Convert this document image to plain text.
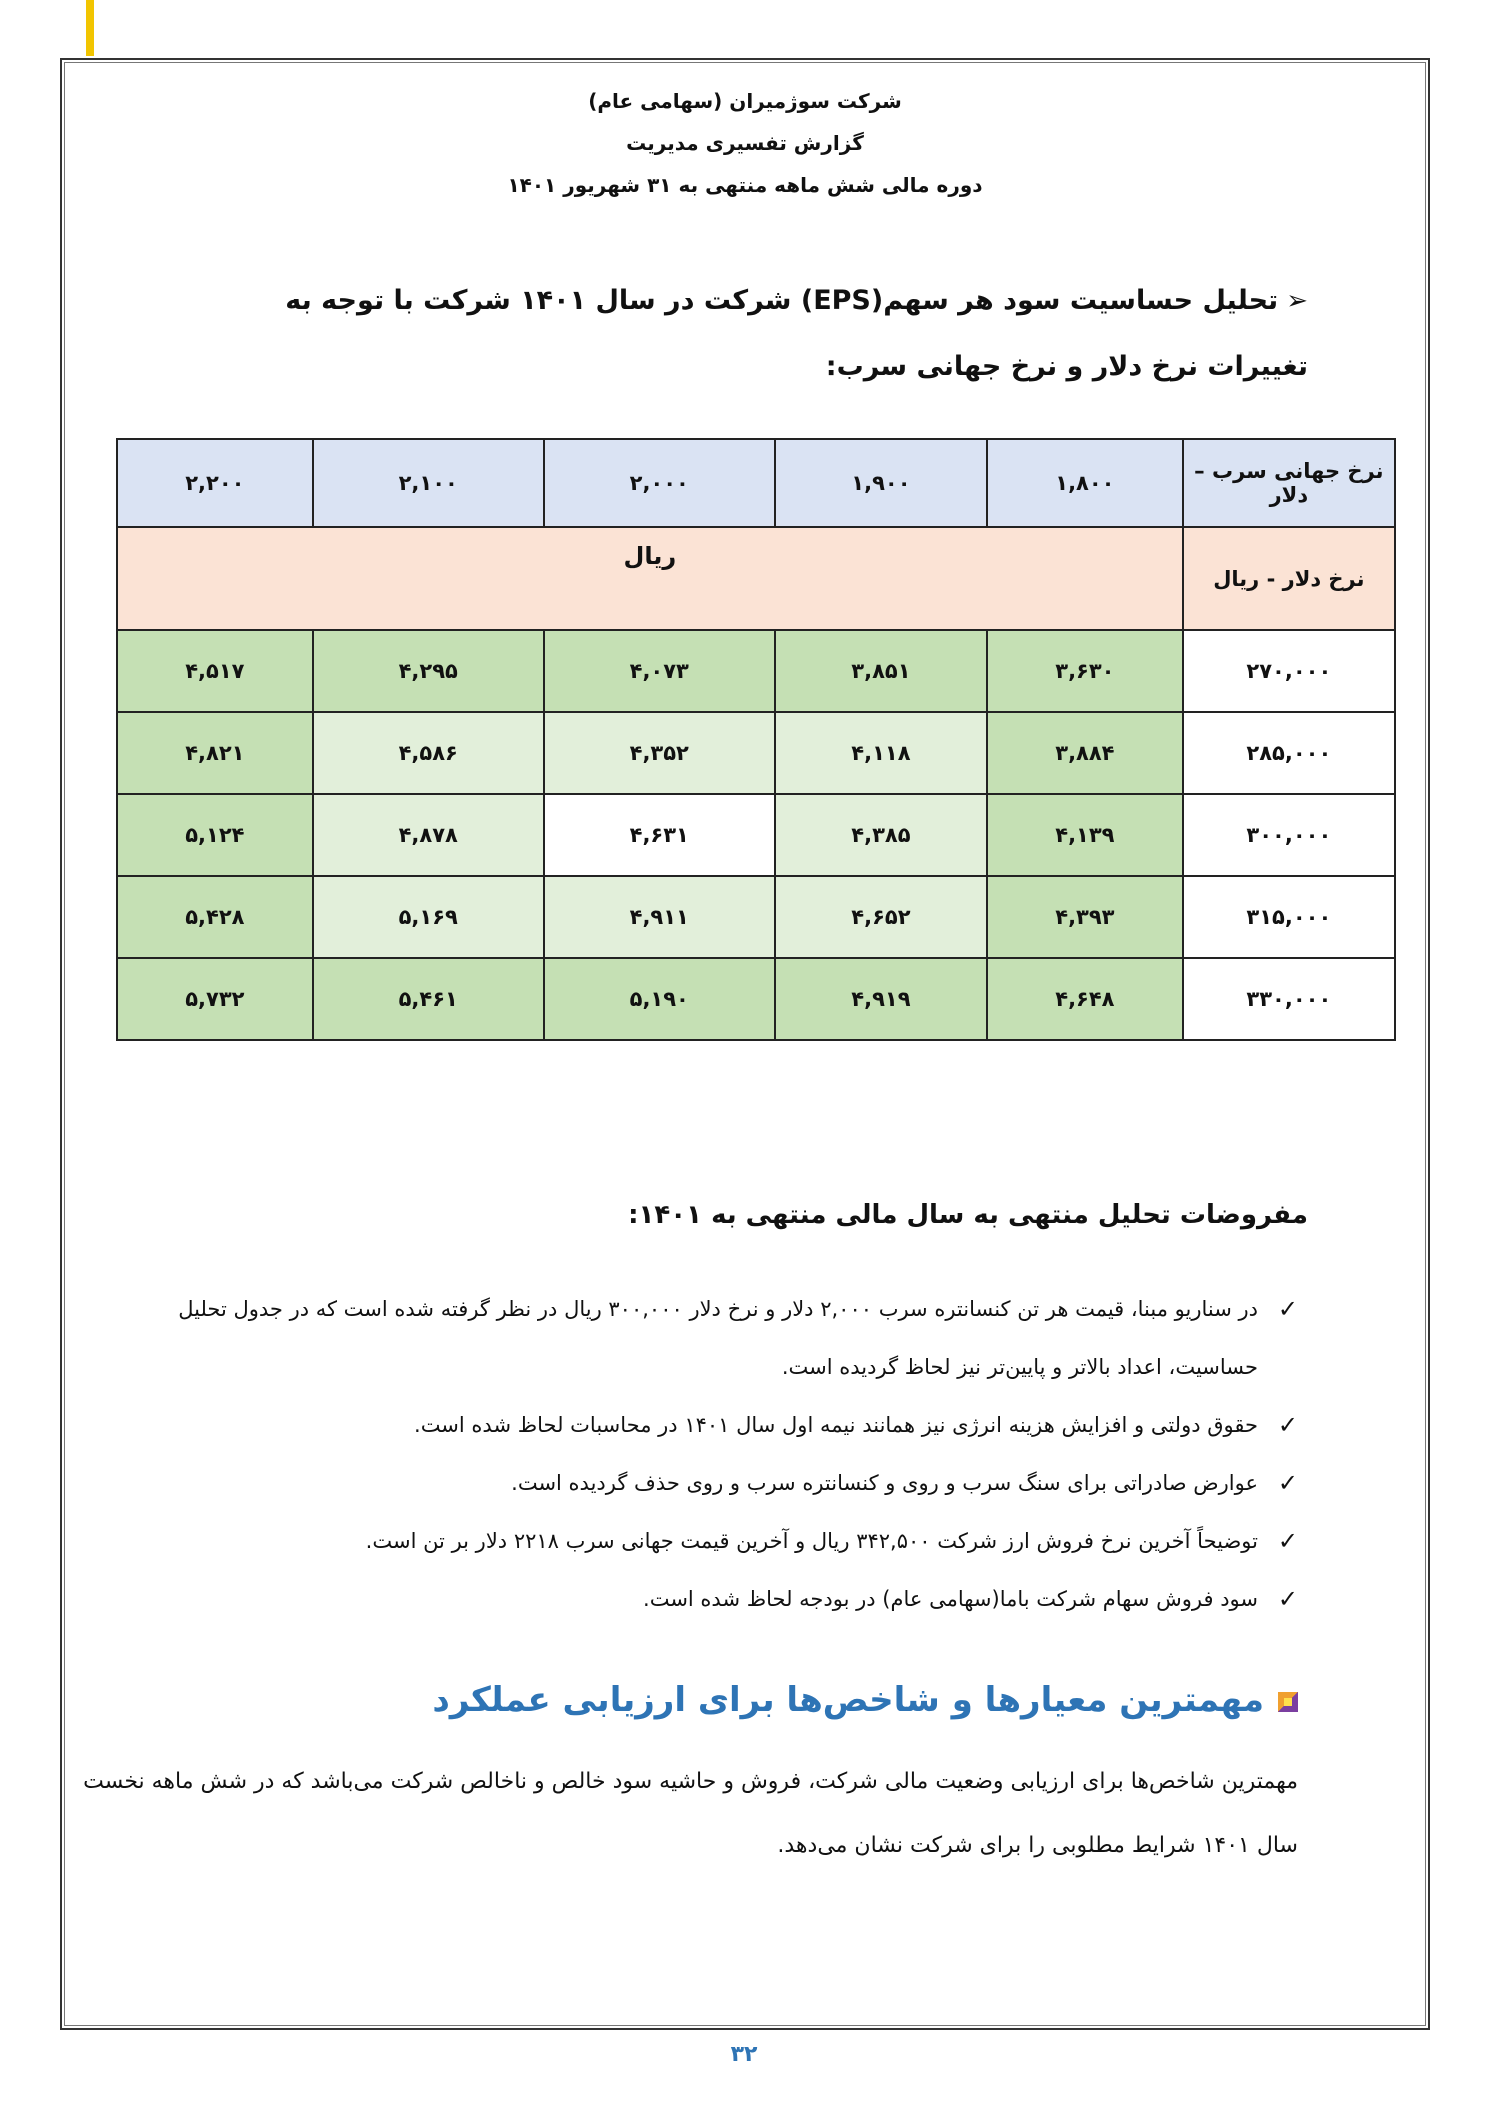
شرکت سوژمیران (سهامی عام)
گزارش تفسیری مدیریت
دوره مالی شش ماهه منتهی به ۳۱ شهریور ۱۴۰۱
➢تحلیل حساسیت سود هر سهم(EPS) شرکت در سال ۱۴۰۱ شرکت با توجه به تغییرات نرخ دلار و نرخ جهانی سرب:
نرخ جهانی سرب – دلار	۱,۸۰۰	۱,۹۰۰	۲,۰۰۰	۲,۱۰۰	۲,۲۰۰
نرخ دلار - ریال	ریال				
۲۷۰,۰۰۰	۳,۶۳۰	۳,۸۵۱	۴,۰۷۳	۴,۲۹۵	۴,۵۱۷
۲۸۵,۰۰۰	۳,۸۸۴	۴,۱۱۸	۴,۳۵۲	۴,۵۸۶	۴,۸۲۱
۳۰۰,۰۰۰	۴,۱۳۹	۴,۳۸۵	۴,۶۳۱	۴,۸۷۸	۵,۱۲۴
۳۱۵,۰۰۰	۴,۳۹۳	۴,۶۵۲	۴,۹۱۱	۵,۱۶۹	۵,۴۲۸
۳۳۰,۰۰۰	۴,۶۴۸	۴,۹۱۹	۵,۱۹۰	۵,۴۶۱	۵,۷۳۲
مفروضات تحلیل منتهی به سال مالی منتهی به ۱۴۰۱:
✓
در سناریو مبنا، قیمت هر تن کنسانتره سرب ۲,۰۰۰ دلار و نرخ دلار ۳۰۰,۰۰۰ ریال در نظر گرفته شده است که در جدول تحلیل حساسیت، اعداد بالاتر و پایین‌تر نیز لحاظ گردیده است.
✓
حقوق دولتی و افزایش هزینه انرژی نیز همانند نیمه اول سال ۱۴۰۱ در محاسبات لحاظ شده است.
✓
عوارض صادراتی برای سنگ سرب و روی و کنسانتره سرب و روی حذف گردیده است.
✓
توضیحاً آخرین نرخ فروش ارز شرکت ۳۴۲,۵۰۰ ریال و آخرین قیمت جهانی سرب ۲۲۱۸ دلار بر تن است.
✓
سود فروش سهام شرکت باما(سهامی عام) در بودجه لحاظ شده است.
مهمترین معیارها و شاخص‌ها برای ارزیابی عملکرد
مهمترین شاخص‌ها برای ارزیابی وضعیت مالی شرکت، فروش و حاشیه سود خالص و ناخالص شرکت می‌باشد که در شش ماهه نخست سال ۱۴۰۱ شرایط مطلوبی را برای شرکت نشان می‌دهد.
۳۲
